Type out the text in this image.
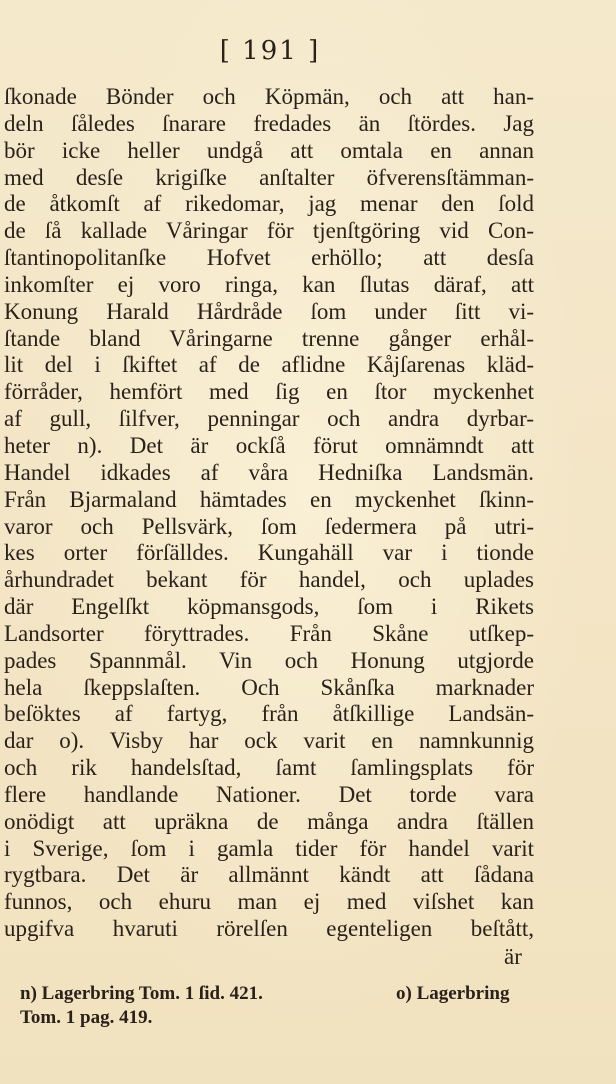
[ 191 ]
ſkonade Bönder och Köpmän, och att han-
deln ſåledes ſnarare fredades än ſtördes. Jag
bör icke heller undgå att omtala en annan
med desſe krigiſke anſtalter öfverensſtämman-
de åtkomſt af rikedomar, jag menar den ſold
de ſå kallade Våringar för tjenſtgöring vid Con-
ſtantinopolitanſke Hofvet erhöllo; att desſa
inkomſter ej voro ringa, kan ſlutas däraf, att
Konung Harald Hårdråde ſom under ſitt vi-
ſtande bland Våringarne trenne gånger erhål-
lit del i ſkiftet af de aflidne Kåjſarenas kläd-
förråder, hemfört med ſig en ſtor myckenhet
af gull, ſilfver, penningar och andra dyrbar-
heter n). Det är ockſå förut omnämndt att
Handel idkades af våra Hedniſka Landsmän.
Från Bjarmaland hämtades en myckenhet ſkinn-
varor och Pellsvärk, ſom ſedermera på utri-
kes orter förſälldes. Kungahäll var i tionde
århundradet bekant för handel, och uplades
där Engelſkt köpmansgods, ſom i Rikets
Landsorter föryttrades. Från Skåne utſkep-
pades Spannmål. Vin och Honung utgjorde
hela ſkeppslaſten. Och Skånſka marknader
beſöktes af fartyg, från åtſkillige Landsän-
dar o). Visby har ock varit en namnkunnig
och rik handelsſtad, ſamt ſamlingsplats för
flere handlande Nationer. Det torde vara
onödigt att upräkna de många andra ſtällen
i Sverige, ſom i gamla tider för handel varit
rygtbara. Det är allmännt kändt att ſådana
funnos, och ehuru man ej med viſshet kan
upgifva hvaruti rörelſen egenteligen beſtått,
är
n) Lagerbring Tom. 1 ſid. 421.
Tom. 1 pag. 419.
o) Lagerbring
